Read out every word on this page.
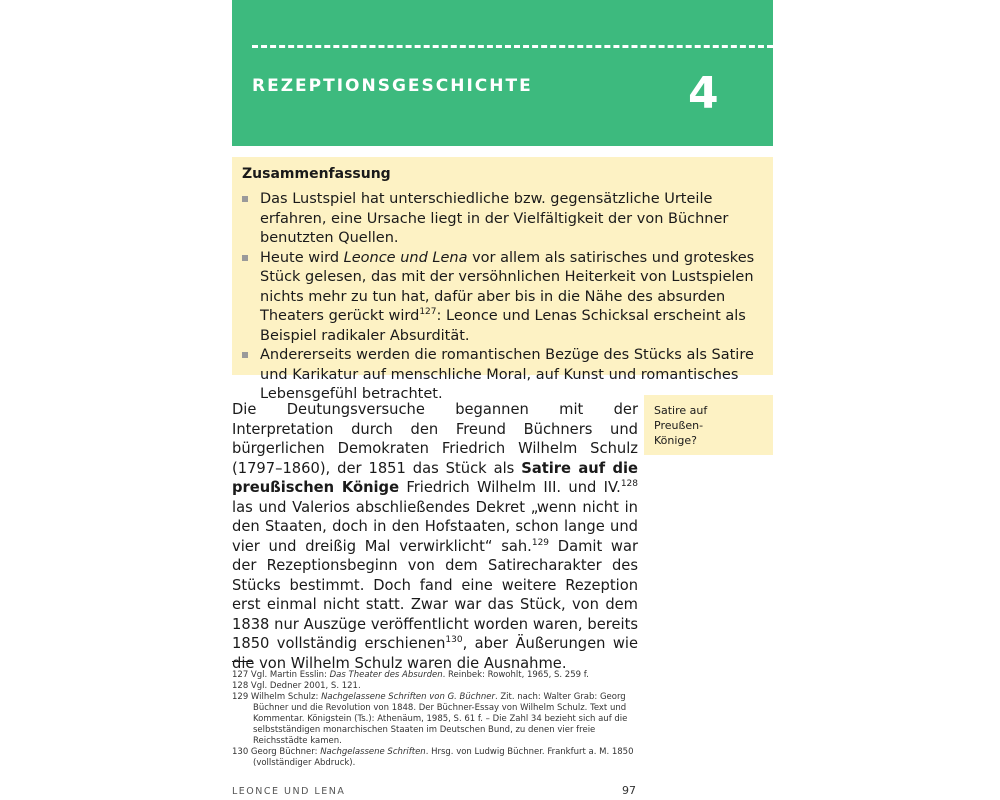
REZEPTIONSGESCHICHTE	4
Zusammenfassung
Das Lustspiel hat unterschiedliche bzw. gegensätzliche Urteile erfahren, eine Ursache liegt in der Vielfältigkeit der von Büchner benutzten Quellen.
Heute wird Leonce und Lena vor allem als satirisches und groteskes Stück gelesen, das mit der versöhnlichen Heiterkeit von Lustspielen nichts mehr zu tun hat, dafür aber bis in die Nähe des absurden Theaters gerückt wird$^{127}$: Leonce und Lenas Schicksal erscheint als Beispiel radikaler Absurdität.
Andererseits werden die romantischen Bezüge des Stücks als Satire und Karikatur auf menschliche Moral, auf Kunst und romantisches Lebensgefühl betrachtet.
Satire auf
Preußen-
Könige?

Die Deutungsversuche begannen mit der Interpretation durch den Freund Büchners und bürgerlichen Demokraten Friedrich Wilhelm Schulz (1797–1860), der 1851 das Stück als Satire auf die preußischen Könige Friedrich Wilhelm III. und IV.$^{128}$ las und Valerios abschließendes Dekret „wenn nicht in den Staaten, doch in den Hofstaaten, schon lange und vier und dreißig Mal verwirklicht“ sah.$^{129}$ Damit war der Rezeptionsbeginn von dem Satirecharakter des Stücks bestimmt. Doch fand eine weitere Rezeption erst einmal nicht statt. Zwar war das Stück, von dem 1838 nur Auszüge veröffentlicht worden waren, bereits 1850 vollständig erschienen$^{130}$, aber Äußerungen wie die von Wilhelm Schulz waren die Ausnahme.

127 Vgl. Martin Esslin: Das Theater des Absurden. Reinbek: Rowohlt, 1965, S. 259 f.

128 Vgl. Dedner 2001, S. 121.

129 Wilhelm Schulz: Nachgelassene Schriften von G. Büchner. Zit. nach: Walter Grab: Georg Büchner und die Revolution von 1848. Der Büchner-Essay von Wilhelm Schulz. Text und Kommentar. Königstein (Ts.): Athenäum, 1985, S. 61 f. – Die Zahl 34 bezieht sich auf die selbstständigen monarchischen Staaten im Deutschen Bund, zu denen vier freie Reichsstädte kamen.

130 Georg Büchner: Nachgelassene Schriften. Hrsg. von Ludwig Büchner. Frankfurt a. M. 1850 (vollständiger Abdruck).

LEONCE UND LENA	97
